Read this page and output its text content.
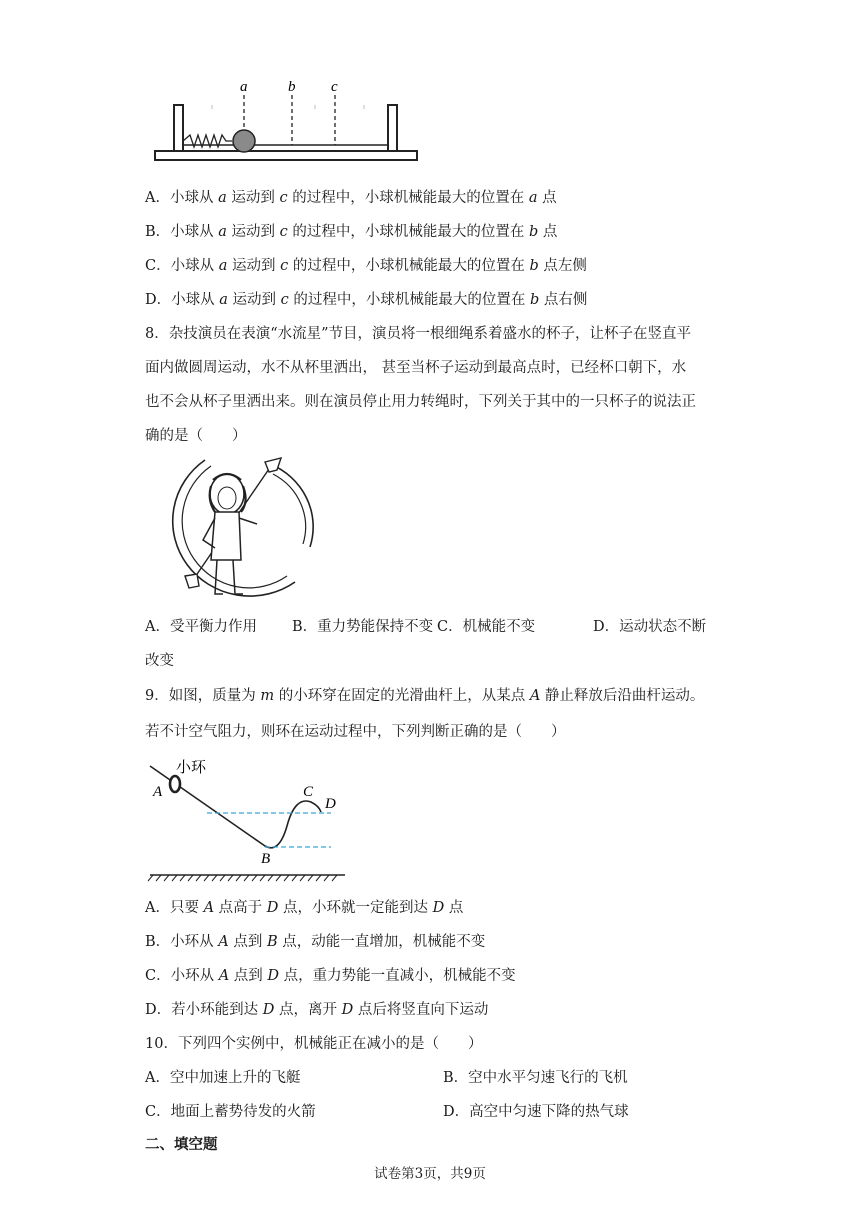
a	b c
A．小球从 a 运动到 c 的过程中，小球机械能最大的位置在 a 点
B．小球从 a 运动到 c 的过程中，小球机械能最大的位置在 b 点
C．小球从 a 运动到 c 的过程中，小球机械能最大的位置在 b 点左侧
D．小球从 a 运动到 c 的过程中，小球机械能最大的位置在 b 点右侧
8．杂技演员在表演“水流星”节目，演员将一根细绳系着盛水的杯子，让杯子在竖直平
面内做圆周运动，水不从杯里洒出， 甚至当杯子运动到最高点时，已经杯口朝下，水
也不会从杯子里洒出来。则在演员停止用力转绳时，下列关于其中的一只杯子的说法正
确的是（　　）
A．受平衡力作用 B．重力势能保持不变 C．机械能不变	D．运动状态不断
改变
9．如图，质量为 m 的小环穿在固定的光滑曲杆上，从某点 A 静止释放后沿曲杆运动。
若不计空气阻力，则环在运动过程中，下列判断正确的是（　　）
小环
A
B
C
D
A．只要 A 点高于 D 点，小环就一定能到达 D 点
B．小环从 A 点到 B 点，动能一直增加，机械能不变
C．小环从 A 点到 D 点，重力势能一直减小，机械能不变
D．若小环能到达 D 点，离开 D 点后将竖直向下运动
10．下列四个实例中，机械能正在减小的是（　　）
A．空中加速上升的飞艇	B．空中水平匀速飞行的飞机
C．地面上蓄势待发的火箭	D．高空中匀速下降的热气球
二、填空题
试卷第3页，共9页
